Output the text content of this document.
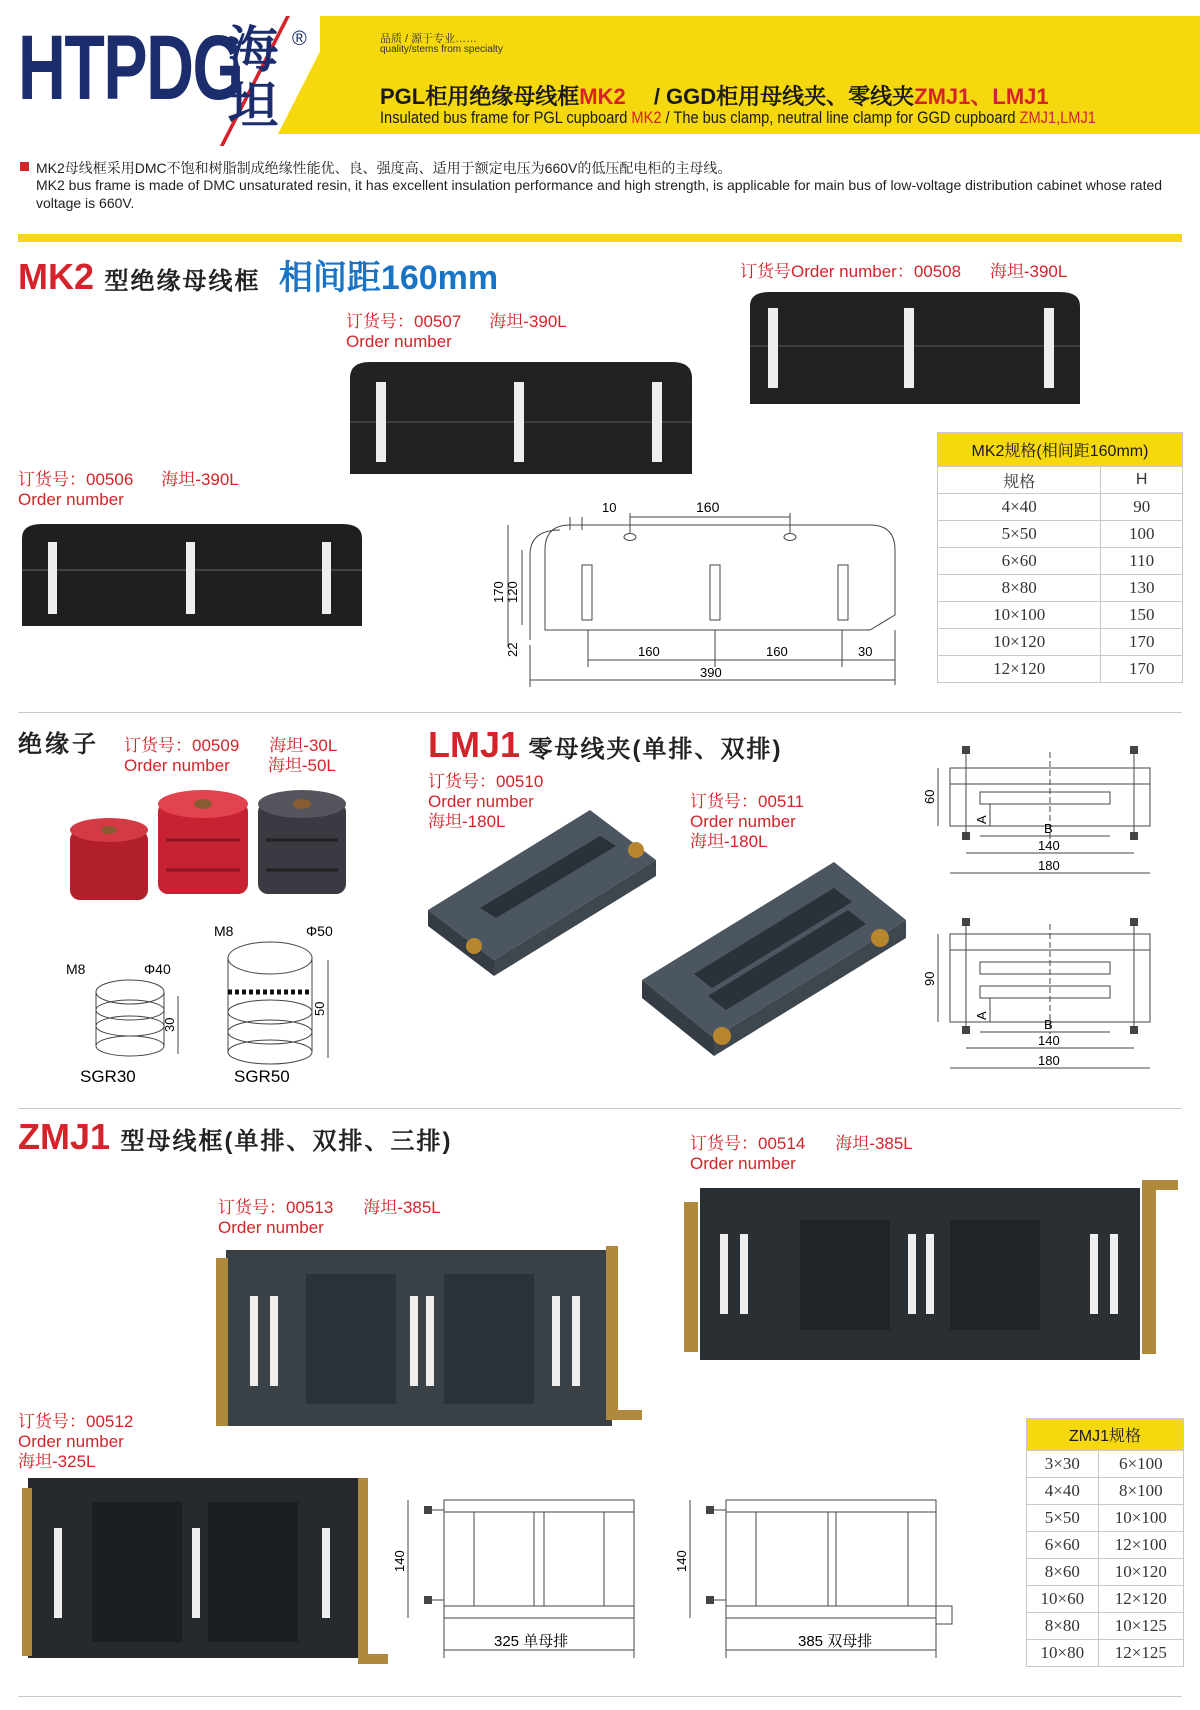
HTPDG
海坦
®	品质 / 源于专业……
quality/stems from specialty
PGL柜用绝缘母线框MK2 / GGD柜用母线夹、零线夹ZMJ1、LMJ1
Insulated bus frame for PGL cupboard MK2 / The bus clamp, neutral line clamp for GGD cupboard ZMJ1,LMJ1
MK2母线框采用DMC不饱和树脂制成绝缘性能优、良、强度高、适用于额定电压为660V的低压配电柜的主母线。
MK2 bus frame is made of DMC unsaturated resin, it has excellent insulation performance and high strength, is applicable for main bus of low-voltage distribution cabinet whose rated voltage is 660V.
MK2 型绝缘母线框 相间距160mm	订货号Order number：00508 海坦-390L
订货号：00507 海坦-390L
Order number
订货号：00506 海坦-390L
Order number	10	160
170 120
22	160	160	30
390
MK2规格(相间距160mm)	
规格	H
4×40	90
5×50	100
6×60	110
8×80	130
10×100	150
10×120	170
12×120	170
绝缘子 订货号：00509 海坦-30L
Order number 海坦-50L
M8	Φ40
30
SGR30
M8	Φ50
50
SGR50
LMJ1 零母线夹(单排、双排)
订货号：00510
Order number
海坦-180L
订货号：00511
Order number
海坦-180L
60
A
B
140
180
90
A
B
140
180
ZMJ1 型母线框(单排、双排、三排)	订货号：00514 海坦-385L
Order number
订货号：00513 海坦-385L
Order number
订货号：00512
Order number
海坦-325L
140
325 单母排
140
385 双母排
ZMJ1规格	
3×30	6×100
4×40	8×100
5×50	10×100
6×60	12×100
8×60	10×120
10×60	12×120
8×80	10×125
10×80	12×125
